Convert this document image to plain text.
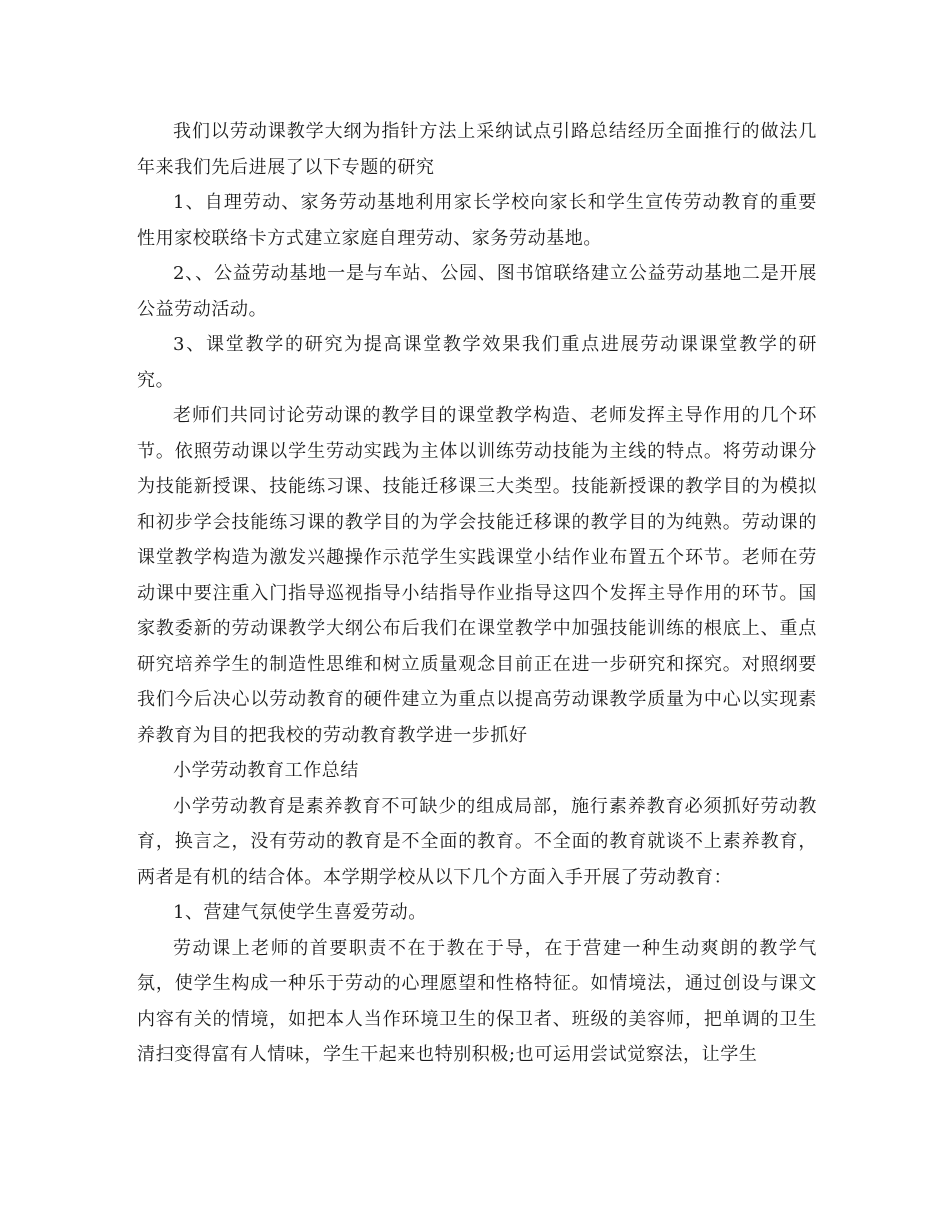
我们以劳动课教学大纲为指针方法上采纳试点引路总结经历全面推行的做法几年来我们先后进展了以下专题的研究

1、自理劳动、家务劳动基地利用家长学校向家长和学生宣传劳动教育的重要性用家校联络卡方式建立家庭自理劳动、家务劳动基地。

2、、公益劳动基地一是与车站、公园、图书馆联络建立公益劳动基地二是开展公益劳动活动。

3、课堂教学的研究为提高课堂教学效果我们重点进展劳动课课堂教学的研究。

老师们共同讨论劳动课的教学目的课堂教学构造、老师发挥主导作用的几个环节。依照劳动课以学生劳动实践为主体以训练劳动技能为主线的特点。将劳动课分为技能新授课、技能练习课、技能迁移课三大类型。技能新授课的教学目的为模拟和初步学会技能练习课的教学目的为学会技能迁移课的教学目的为纯熟。劳动课的课堂教学构造为激发兴趣操作示范学生实践课堂小结作业布置五个环节。老师在劳动课中要注重入门指导巡视指导小结指导作业指导这四个发挥主导作用的环节。国家教委新的劳动课教学大纲公布后我们在课堂教学中加强技能训练的根底上、重点研究培养学生的制造性思维和树立质量观念目前正在进一步研究和探究。对照纲要我们今后决心以劳动教育的硬件建立为重点以提高劳动课教学质量为中心以实现素养教育为目的把我校的劳动教育教学进一步抓好

小学劳动教育工作总结

小学劳动教育是素养教育不可缺少的组成局部，施行素养教育必须抓好劳动教育，换言之，没有劳动的教育是不全面的教育。不全面的教育就谈不上素养教育，两者是有机的结合体。本学期学校从以下几个方面入手开展了劳动教育：

1、营建气氛使学生喜爱劳动。

劳动课上老师的首要职责不在于教在于导，在于营建一种生动爽朗的教学气氛，使学生构成一种乐于劳动的心理愿望和性格特征。如情境法，通过创设与课文内容有关的情境，如把本人当作环境卫生的保卫者、班级的美容师，把单调的卫生清扫变得富有人情味，学生干起来也特别积极;也可运用尝试觉察法，让学生
